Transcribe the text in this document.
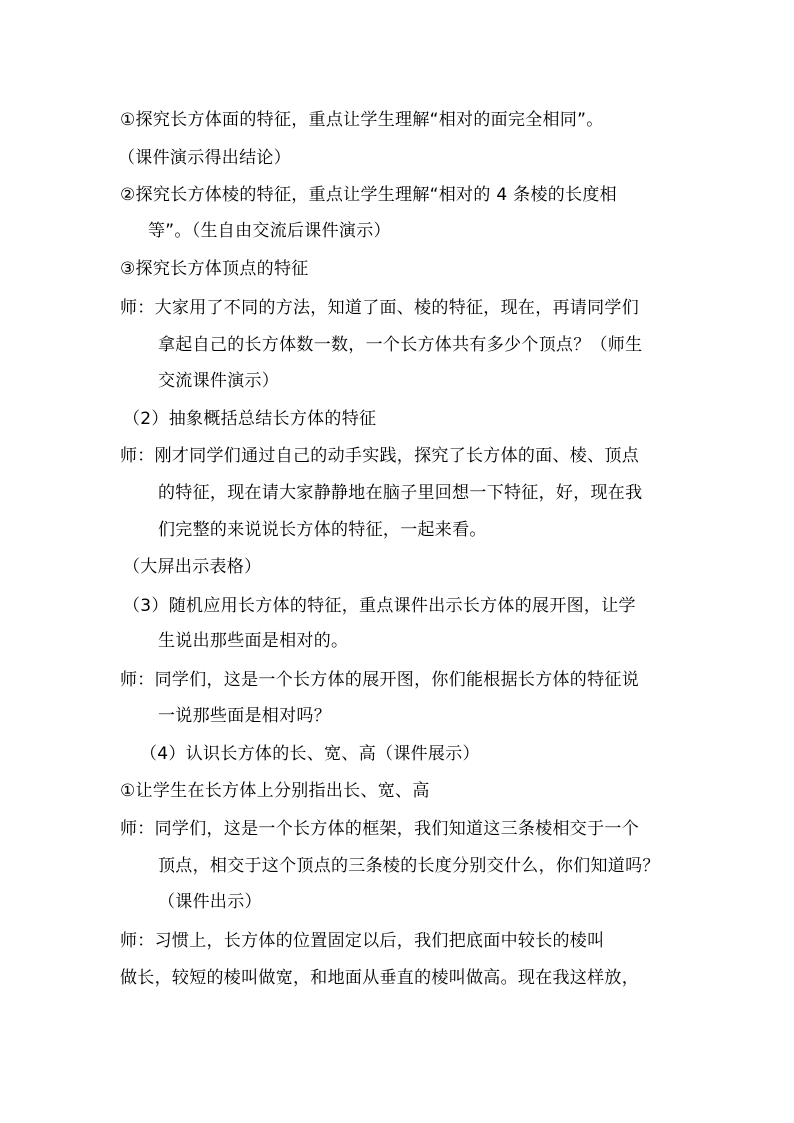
①探究长方体面的特征，重点让学生理解“相对的面完全相同”。
（课件演示得出结论）
②探究长方体棱的特征，重点让学生理解“相对的 4 条棱的长度相
等”。（生自由交流后课件演示）
③探究长方体顶点的特征
师：大家用了不同的方法，知道了面、棱的特征，现在，再请同学们
拿起自己的长方体数一数，一个长方体共有多少个顶点？（师生
交流课件演示）
（2）抽象概括总结长方体的特征
师：刚才同学们通过自己的动手实践，探究了长方体的面、棱、顶点
的特征，现在请大家静静地在脑子里回想一下特征，好，现在我
们完整的来说说长方体的特征，一起来看。
（大屏出示表格）
（3）随机应用长方体的特征，重点课件出示长方体的展开图，让学
生说出那些面是相对的。
师：同学们，这是一个长方体的展开图，你们能根据长方体的特征说
一说那些面是相对吗？
（4）认识长方体的长、宽、高（课件展示）
①让学生在长方体上分别指出长、宽、高
师：同学们，这是一个长方体的框架，我们知道这三条棱相交于一个
顶点，相交于这个顶点的三条棱的长度分别交什么，你们知道吗？
（课件出示）
师：习惯上，长方体的位置固定以后，我们把底面中较长的棱叫
做长，较短的棱叫做宽，和地面从垂直的棱叫做高。现在我这样放，
